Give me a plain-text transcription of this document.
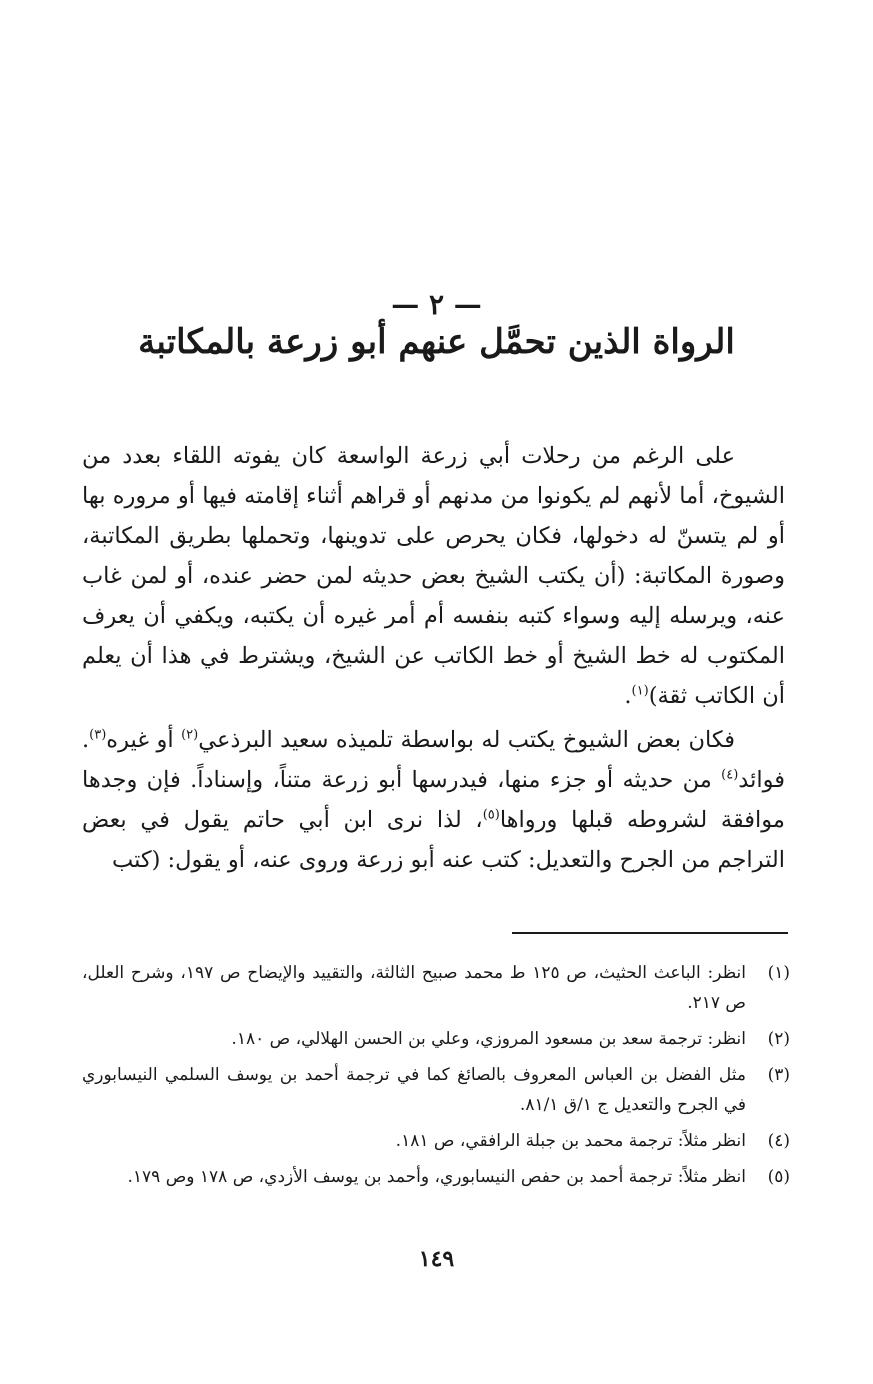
— ٢ —
الرواة الذين تحمَّل عنهم أبو زرعة بالمكاتبة

على الرغم من رحلات أبي زرعة الواسعة كان يفوته اللقاء بعدد من الشيوخ، أما لأنهم لم يكونوا من مدنهم أو قراهم أثناء إقامته فيها أو مروره بها أو لم يتسنّ له دخولها، فكان يحرص على تدوينها، وتحملها بطريق المكاتبة، وصورة المكاتبة: (أن يكتب الشيخ بعض حديثه لمن حضر عنده، أو لمن غاب عنه، ويرسله إليه وسواء كتبه بنفسه أم أمر غيره أن يكتبه، ويكفي أن يعرف المكتوب له خط الشيخ أو خط الكاتب عن الشيخ، ويشترط في هذا أن يعلم أن الكاتب ثقة)$^{(١)}$.

فكان بعض الشيوخ يكتب له بواسطة تلميذه سعيد البرذعي$^{(٢)}$ أو غيره$^{(٣)}$. فوائد$^{(٤)}$ من حديثه أو جزء منها، فيدرسها أبو زرعة متناً، وإسناداً. فإن وجدها موافقة لشروطه قبلها ورواها$^{(٥)}$، لذا نرى ابن أبي حاتم يقول في بعض التراجم من الجرح والتعديل: كتب عنه أبو زرعة وروى عنه، أو يقول: (كتب

(١)
انظر: الباعث الحثيث، ص ١٢٥ ط محمد صبيح الثالثة، والتقييد والإيضاح ص ١٩٧، وشرح العلل، ص ٢١٧.
(٢)
انظر: ترجمة سعد بن مسعود المروزي، وعلي بن الحسن الهلالي، ص ١٨٠.
(٣)
مثل الفضل بن العباس المعروف بالصائغ كما في ترجمة أحمد بن يوسف السلمي النيسابوري في الجرح والتعديل ج ١/ق ٨١/١.
(٤)
انظر مثلاً: ترجمة محمد بن جبلة الرافقي، ص ١٨١.
(٥)
انظر مثلاً: ترجمة أحمد بن حفص النيسابوري، وأحمد بن يوسف الأزدي، ص ١٧٨ وص ١٧٩.
١٤٩
